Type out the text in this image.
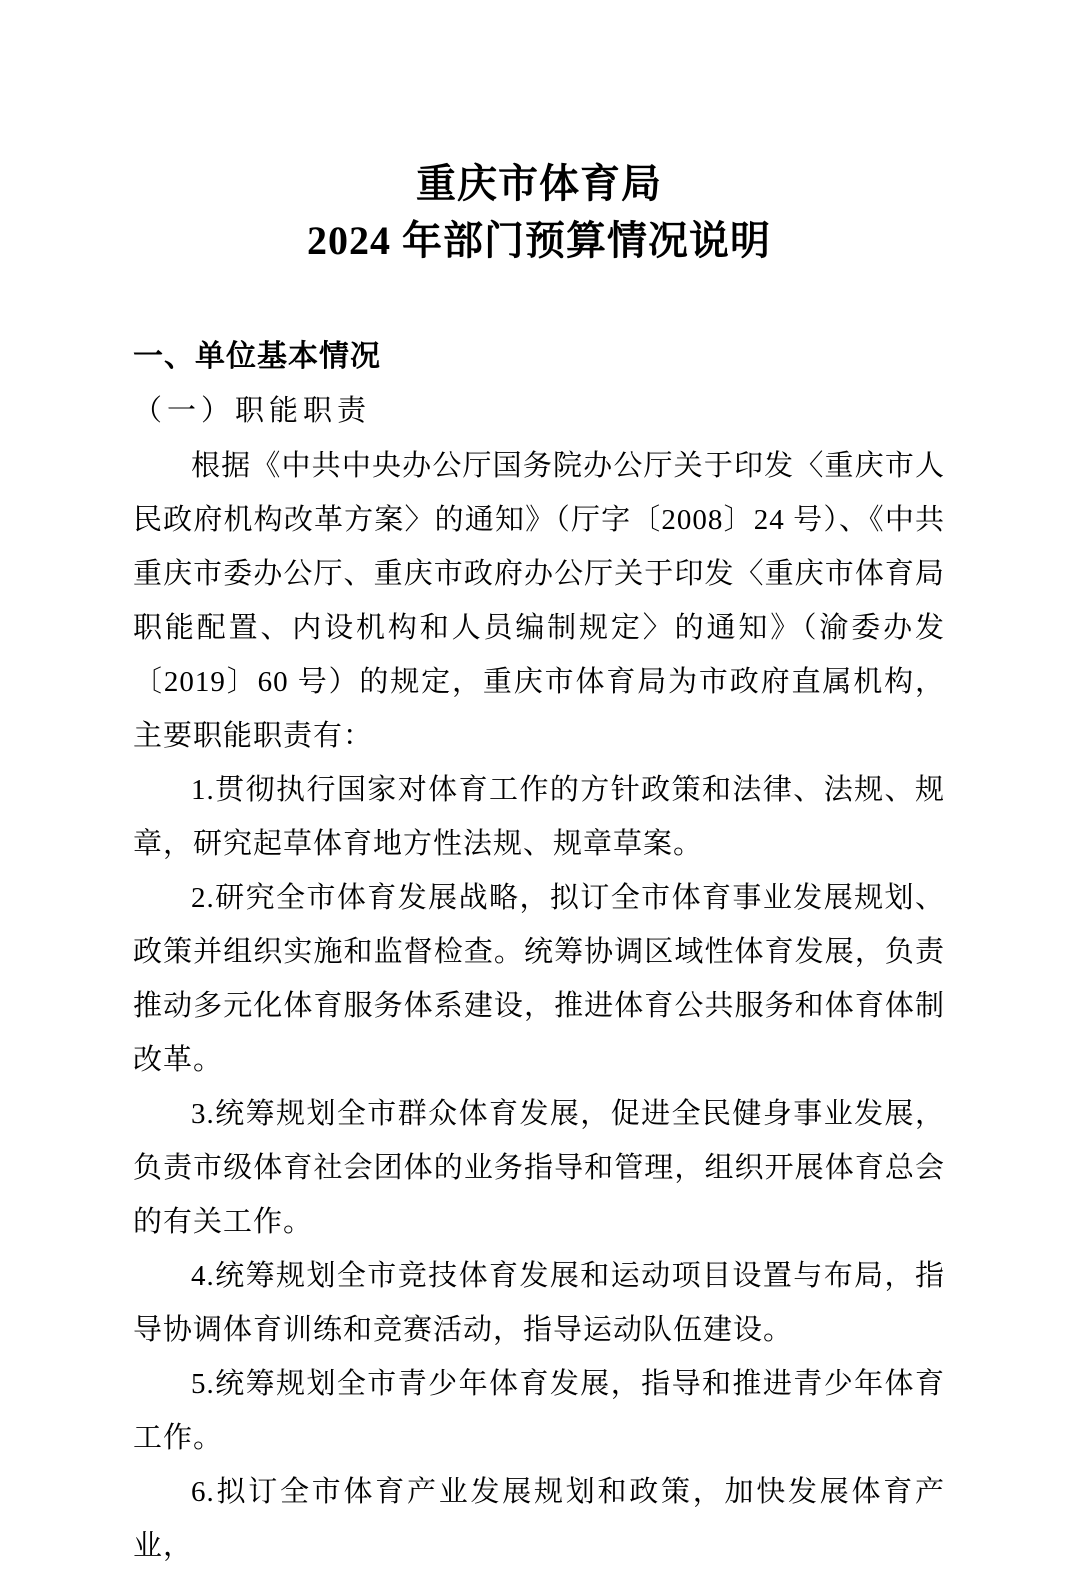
重庆市体育局
2024 年部门预算情况说明
一、单位基本情况
（一）职能职责

根据《中共中央办公厅国务院办公厅关于印发〈重庆市人民政府机构改革方案〉的通知》（厅字〔2008〕24 号）、《中共重庆市委办公厅、重庆市政府办公厅关于印发〈重庆市体育局职能配置、内设机构和人员编制规定〉的通知》（渝委办发〔2019〕60 号）的规定，重庆市体育局为市政府直属机构，主要职能职责有：

1.贯彻执行国家对体育工作的方针政策和法律、法规、规章，研究起草体育地方性法规、规章草案。

2.研究全市体育发展战略，拟订全市体育事业发展规划、政策并组织实施和监督检查。统筹协调区域性体育发展，负责推动多元化体育服务体系建设，推进体育公共服务和体育体制改革。

3.统筹规划全市群众体育发展，促进全民健身事业发展，负责市级体育社会团体的业务指导和管理，组织开展体育总会的有关工作。

4.统筹规划全市竞技体育发展和运动项目设置与布局，指导协调体育训练和竞赛活动，指导运动队伍建设。

5.统筹规划全市青少年体育发展，指导和推进青少年体育工作。

6.拟订全市体育产业发展规划和政策，加快发展体育产业，
